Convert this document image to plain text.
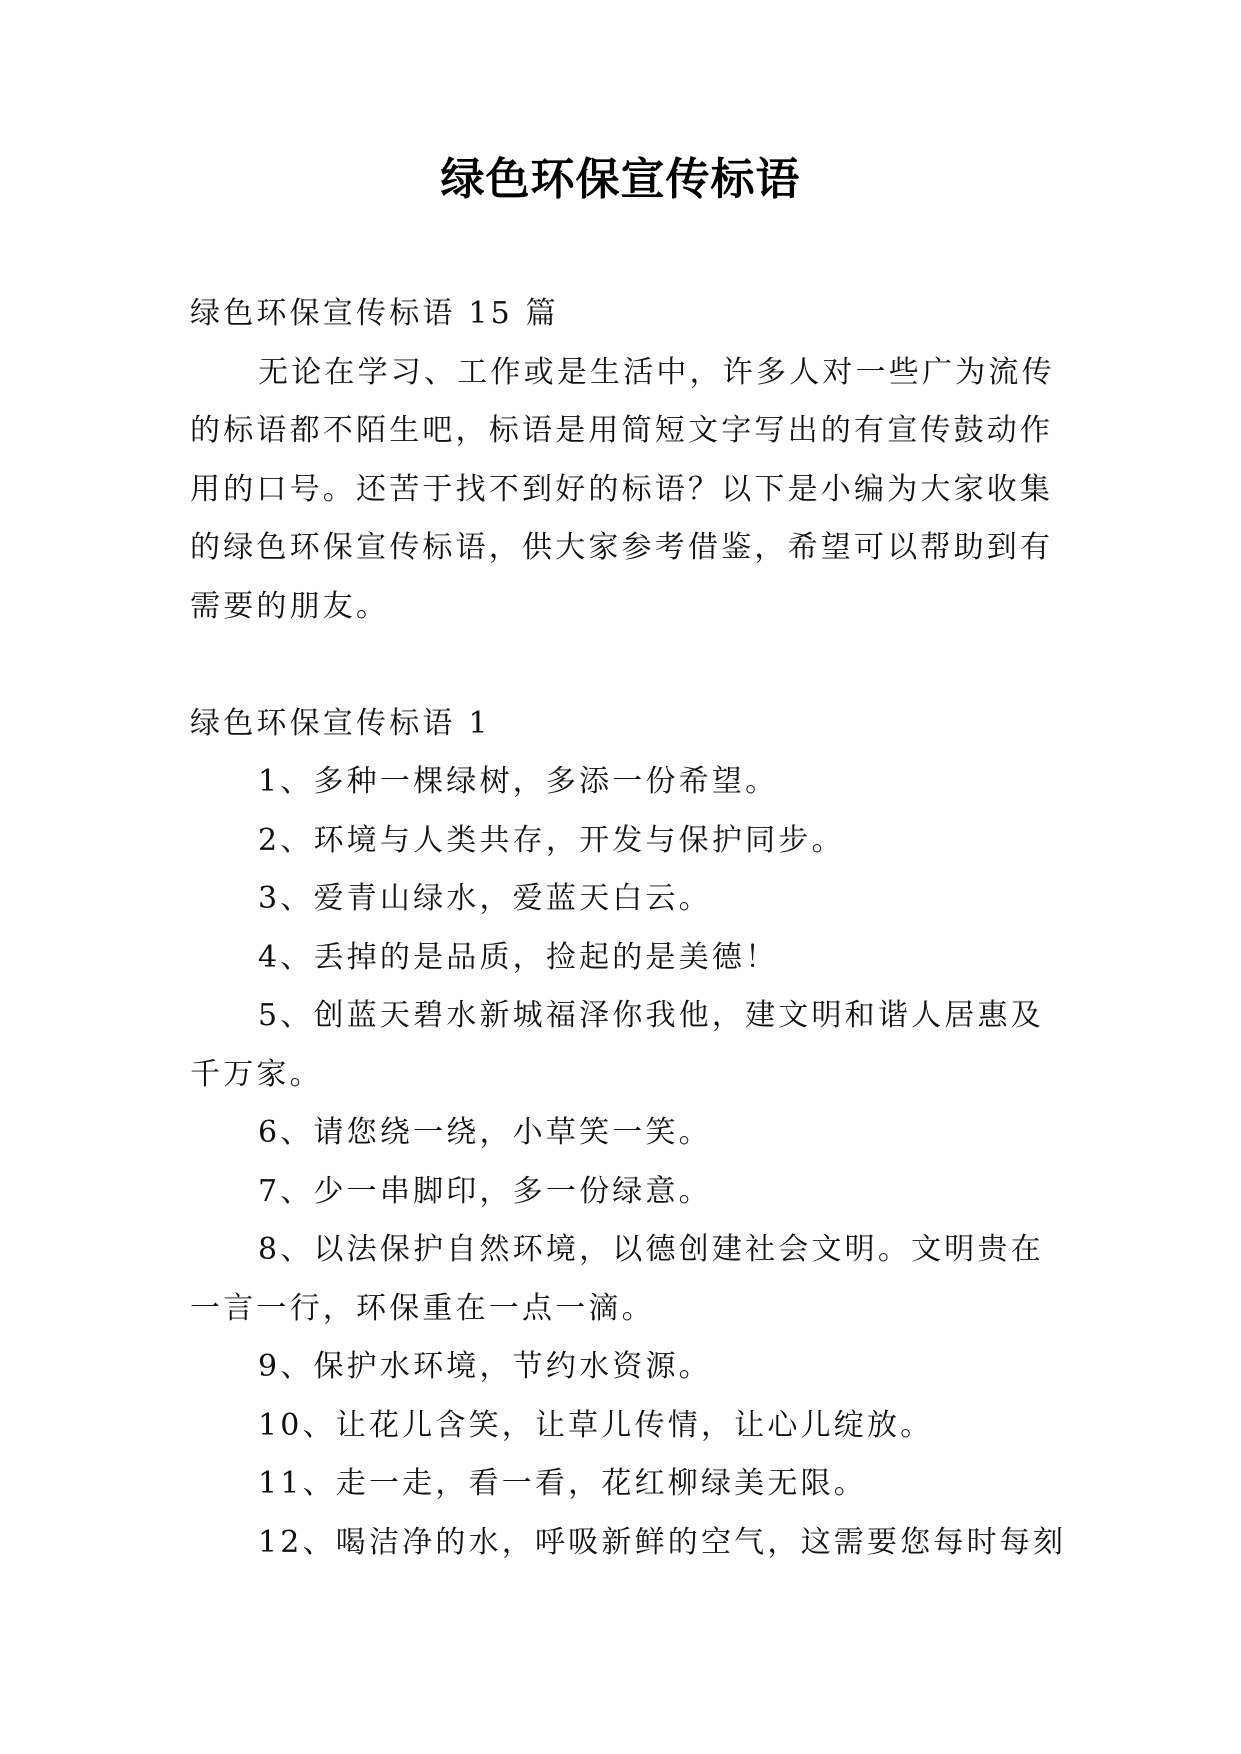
绿色环保宣传标语

绿色环保宣传标语 15 篇

无论在学习、工作或是生活中，许多人对一些广为流传

的标语都不陌生吧，标语是用简短文字写出的有宣传鼓动作

用的口号。还苦于找不到好的标语？以下是小编为大家收集

的绿色环保宣传标语，供大家参考借鉴，希望可以帮助到有

需要的朋友。

绿色环保宣传标语 1

1、多种一棵绿树，多添一份希望。

2、环境与人类共存，开发与保护同步。

3、爱青山绿水，爱蓝天白云。

4、丢掉的是品质，捡起的是美德！

5、创蓝天碧水新城福泽你我他，建文明和谐人居惠及

千万家。

6、请您绕一绕，小草笑一笑。

7、少一串脚印，多一份绿意。

8、以法保护自然环境，以德创建社会文明。文明贵在

一言一行，环保重在一点一滴。

9、保护水环境，节约水资源。

10、让花儿含笑，让草儿传情，让心儿绽放。

11、走一走，看一看，花红柳绿美无限。

12、喝洁净的水，呼吸新鲜的空气，这需要您每时每刻
